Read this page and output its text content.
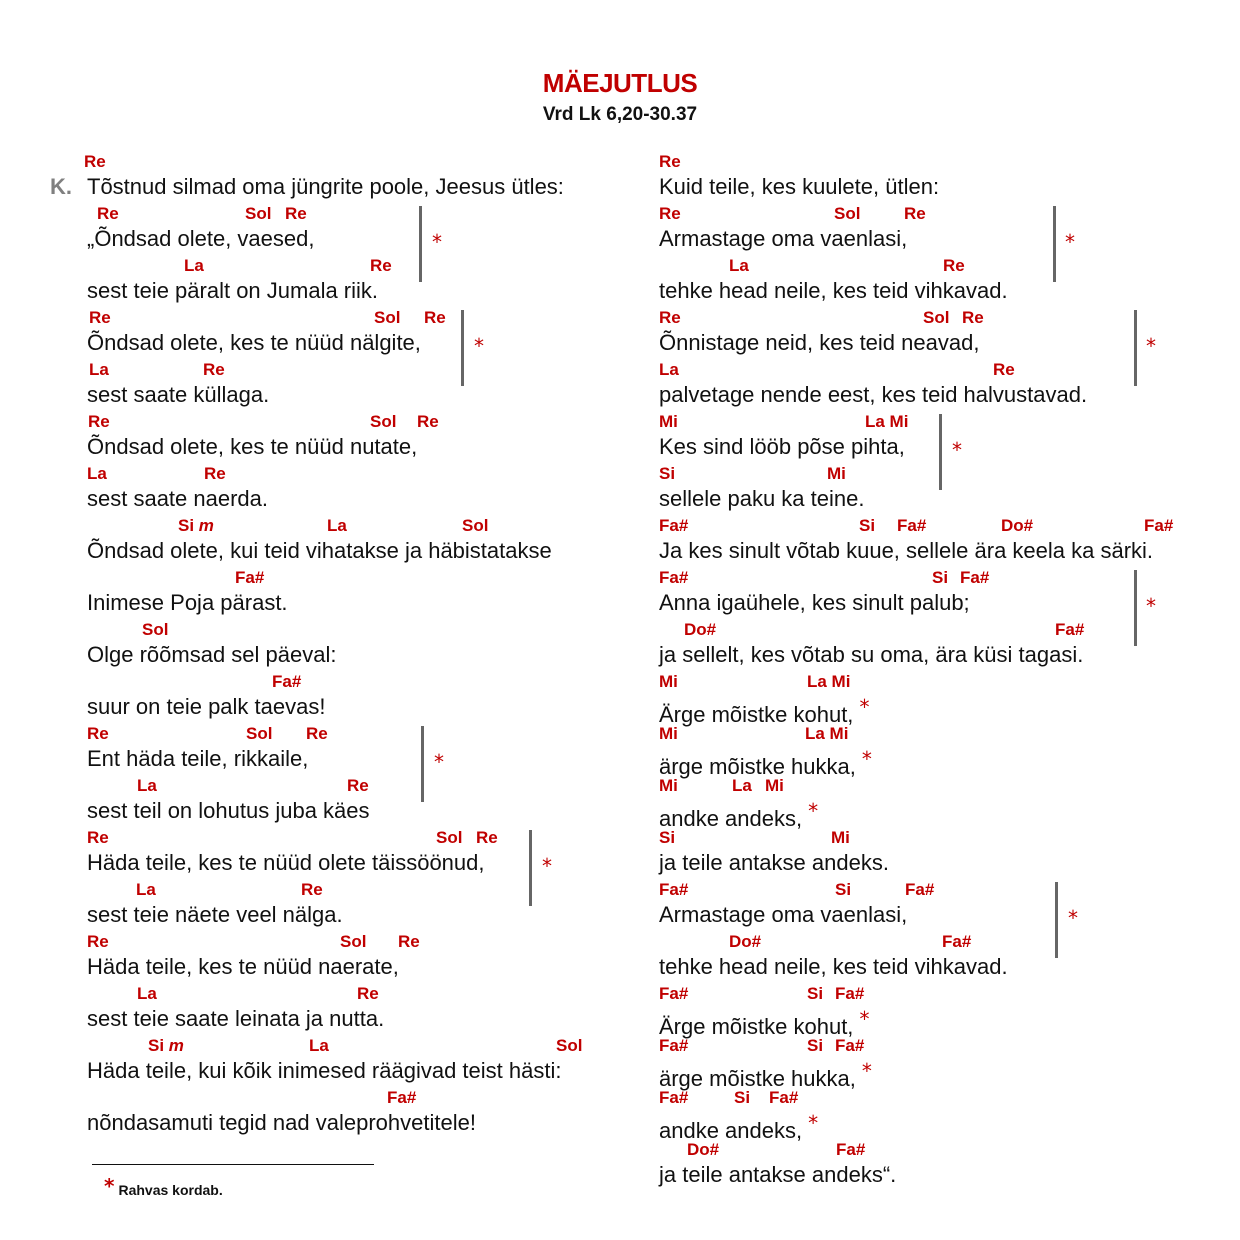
MÄEJUTLUS
Vrd Lk 6,20-30.37
K.
Re
Tõstnud silmad oma jüngrite poole, Jeesus ütles:
Re	Sol Re
„Õndsad olete, vaesed,
La	Re
sest teie päralt on Jumala riik.
Re	Sol Re
Õndsad olete, kes te nüüd nälgite,
La	Re
sest saate küllaga.
Re	Sol Re
Õndsad olete, kes te nüüd nutate,
La	Re
sest saate naerda.
Si m	La	Sol
Õndsad olete, kui teid vihatakse ja häbistatakse
Fa#
Inimese Poja pärast.
Sol
Olge rõõmsad sel päeval:
Fa#
suur on teie palk taevas!
Re	Sol Re
Ent häda teile, rikkaile,
La	Re
sest teil on lohutus juba käes
Re	Sol Re
Häda teile, kes te nüüd olete täissöönud,
La	Re
sest teie näete veel nälga.
Re	Sol Re
Häda teile, kes te nüüd naerate,
La	Re
sest teie saate leinata ja nutta.
Si m	La	Sol
Häda teile, kui kõik inimesed räägivad teist hästi:
Fa#
nõndasamuti tegid nad valeprohvetitele!
*
*
*
*
Re
Kuid teile, kes kuulete, ütlen:
Re	Sol	Re
Armastage oma vaenlasi,
La	Re
tehke head neile, kes teid vihkavad.
Re	Sol Re
Õnnistage neid, kes teid neavad,
La	Re
palvetage nende eest, kes teid halvustavad.
Mi	La Mi
Kes sind lööb põse pihta,
Si	Mi
sellele paku ka teine.
Fa#	Si Fa#	Do#	Fa#
Ja kes sinult võtab kuue, sellele ära keela ka särki.
Fa#	Si Fa#
Anna igaühele, kes sinult palub;
Do#	Fa#
ja sellelt, kes võtab su oma, ära küsi tagasi.
Mi	La Mi
Ärge mõistke kohut, *
Mi	La Mi
ärge mõistke hukka, *
Mi	La Mi
andke andeks, *
Si	Mi
ja teile antakse andeks.
Fa#	Si	Fa#
Armastage oma vaenlasi,
Do#	Fa#
tehke head neile, kes teid vihkavad.
Fa#	Si Fa#
Ärge mõistke kohut, *
Fa#	Si Fa#
ärge mõistke hukka, *
Fa#	Si Fa#
andke andeks, *
Do#	Fa#
ja teile antakse andeks“.
*
*
*
*
*
* Rahvas kordab.
